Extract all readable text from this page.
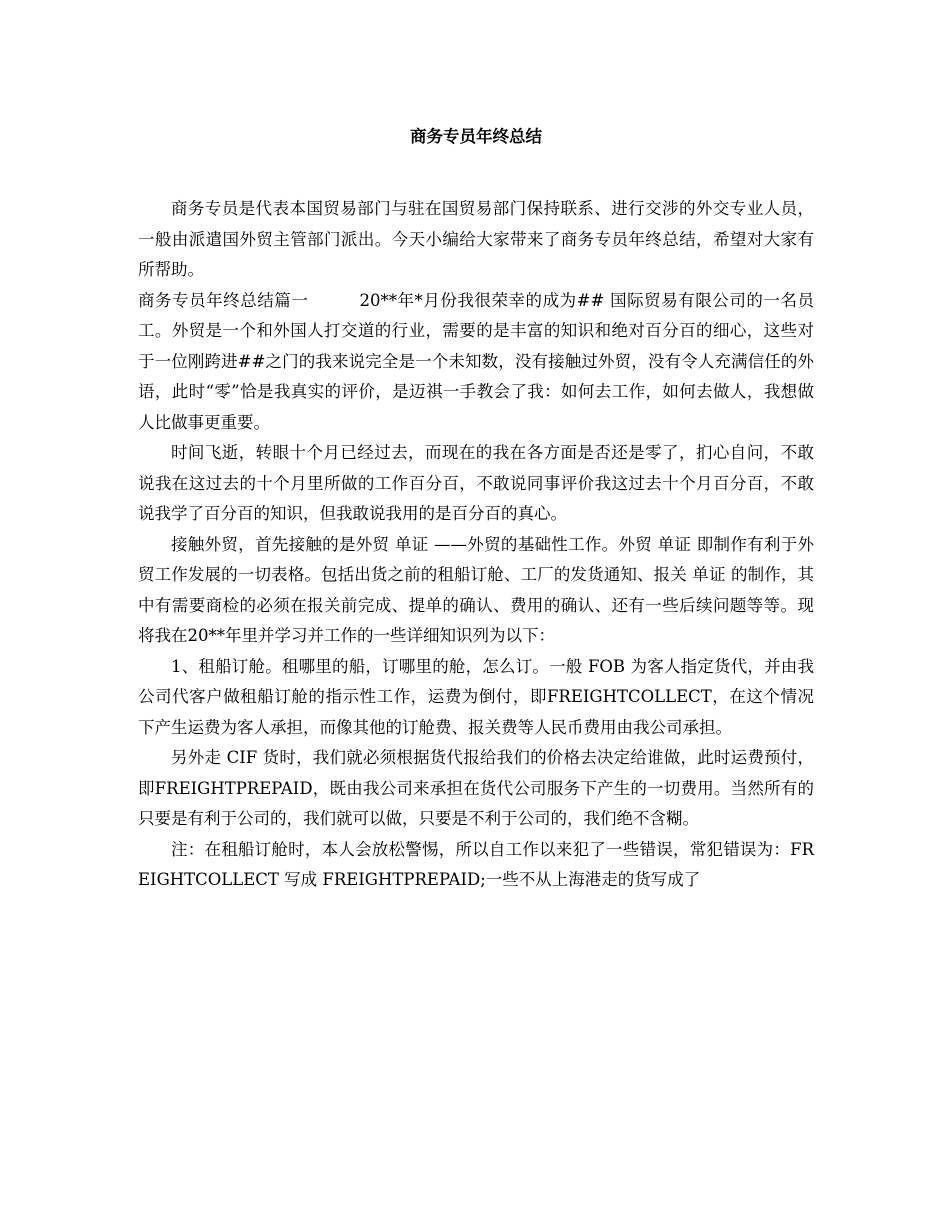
商务专员年终总结

商务专员是代表本国贸易部门与驻在国贸易部门保持联系、进行交涉的外交专业人员，一般由派遣国外贸主管部门派出。今天小编给大家带来了商务专员年终总结，希望对大家有所帮助。

商务专员年终总结篇一　　　20**年*月份我很荣幸的成为## 国际贸易有限公司的一名员工。外贸是一个和外国人打交道的行业，需要的是丰富的知识和绝对百分百的细心，这些对于一位刚跨进##之门的我来说完全是一个未知数，没有接触过外贸，没有令人充满信任的外语，此时“零”恰是我真实的评价，是迈祺一手教会了我：如何去工作，如何去做人，我想做人比做事更重要。

时间飞逝，转眼十个月已经过去，而现在的我在各方面是否还是零了，扪心自问，不敢说我在这过去的十个月里所做的工作百分百，不敢说同事评价我这过去十个月百分百，不敢说我学了百分百的知识，但我敢说我用的是百分百的真心。

接触外贸，首先接触的是外贸 单证 ——外贸的基础性工作。外贸 单证 即制作有利于外贸工作发展的一切表格。包括出货之前的租船订舱、工厂的发货通知、报关 单证 的制作，其中有需要商检的必须在报关前完成、提单的确认、费用的确认、还有一些后续问题等等。现将我在20**年里并学习并工作的一些详细知识列为以下：

1、租船订舱。租哪里的船，订哪里的舱，怎么订。一般 FOB 为客人指定货代，并由我公司代客户做租船订舱的指示性工作，运费为倒付，即FREIGHTCOLLECT，在这个情况下产生运费为客人承担，而像其他的订舱费、报关费等人民币费用由我公司承担。

另外走 CIF 货时，我们就必须根据货代报给我们的价格去决定给谁做，此时运费预付，即FREIGHTPREPAID，既由我公司来承担在货代公司服务下产生的一切费用。当然所有的只要是有利于公司的，我们就可以做，只要是不利于公司的，我们绝不含糊。

注：在租船订舱时，本人会放松警惕，所以自工作以来犯了一些错误，常犯错误为：FREIGHTCOLLECT 写成 FREIGHTPREPAID;一些不从上海港走的货写成了
